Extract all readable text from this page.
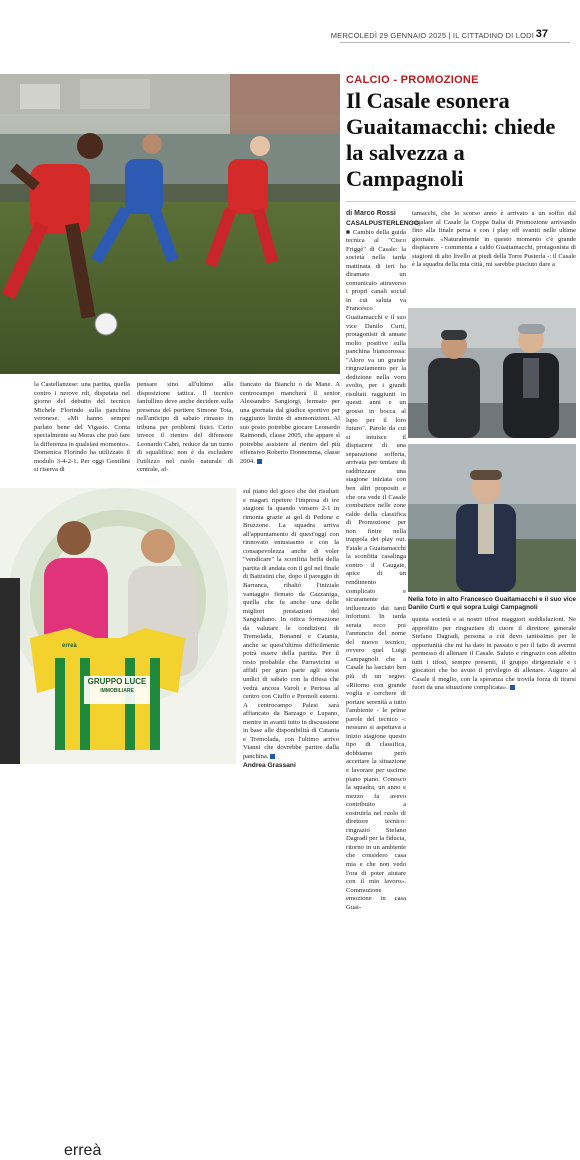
MERCOLEDÌ 29 GENNAIO 2025 | IL CITTADINO DI LODI 37
CALCIO - PROMOZIONE
Il Casale esonera Guaitamacchi: chiede la salvezza a Campagnoli
di Marco Rossi
CASALPUSTERLENGO
■ Cambio della guida tecnica al "Cisco Friggè" di Casale: la società nella tarda mattinata di ieri ha diramato un comunicato attraverso i propri canali social in cui saluta va Francesco Guaitamacchi e il suo vice Danilo Curti, protagonisti di annate molto positive sulla panchina biancorossa: "Aloro va un grande ringraziamento per la dedizione nella voro svolto, per i grandi risultati raggiunti in questi anni e un grosso in bocca al lupo per il loro futuro". Parole da cui si intuisce il dispiacere di una separazione sofferta, arrivata per tentare di raddrizzare una stagione iniziata con ben altri propositi e che ora vede il Casale combattere nelle zone calde della classifica di Promozione per non finire nella trappola dei play out. Fatale a Guaitamacchi la sconfitta casalinga contro il Caugate, apice di un rendimento complicato e sicuramente influenzato dai tanti infortuni. In tarda serata ecco poi l'annuncio del nome del nuovo tecnico, ovvero quel Luigi Campagnoli che a Casale ha lasciato ben più di un segno: «Ritorno con grande voglia e cerchere di portare serenità a tutto l'ambiente - le prime parole del tecnico -: nessuno si aspettava a inizio stagione questo tipo di classifica, dobbiamo però accettare la situazione e lavorare per uscirne piano piano. Conosco la squadra, un anno e mezzo fa avevo contribuito a costruirla nel ruolo di direttore tecnico: ringrazio Stefano Dagradi per la fiducia, ritorno in un ambiente che considero casa mia e che non vedo l'ora di poter aiutare con il mio lavoro». Commozione emozione in casa Guai-
tamacchi, che lo scorso anno è arrivato a un soffio dal regalare al Casale la Coppa Italia di Promozione arrivando fino alla finale persa e con i play off svaniti nelle ultime giornate. «Naturalmente in questo momento c'è grande dispiacere - commenta a caldo Guaitamacchi, protagonista di stagioni di alto livello ai piedi della Torre Pusterla -: il Casale è la squadra della mia città, mi sarebbe piaciuto dare a
Nella foto in alto Francesco Guaitamacchi e il suo vice Danilo Curti e qui sopra Luigi Campagnoli
questa società e ai nostri tifosi maggiori soddisfazioni. Ne approfitto per ringraziare di cuore il direttore generale Stefano Dagradi, persona a cui devo tantissimo per le opportunità che mi ha dato in passato e per il fatto di avermi permesso di allenare il Casale. Saluto e ringrazio con affetto tutti i tifosi, sempre presenti, il gruppo dirigenziale e i giocatori che ho avuto il privilegio di allenare. Auguro al Casale il meglio, con la speranza che trovila forza di tirarsi fuori da una situazione complicata».
la Castellanzese: una partita, quella contro i nerove rdi, disputata nel giorno del debutto del tecnico Michele Florindo sulla panchina veronese. «Mi hanno sempre parlato bene del Vigasio. Conta specialmente su Moras che può fare la differenza in qualsiasi momento». Domenica Florindo ha utilizzato il modulo 3-4-2-1. Per oggi Gentilini si riserva di
pensare sino all'ultimo alla disposizione tattica. Il tecnico fanfullino deve anche decidere sulla presenza del portiere Simone Tota, nell'anticipo di sabato rimasto in tribuna per problemi fisici. Certo invece il rientro del difensore Leonardo Cabri, reduce da un turno di squalifica: non è da escludere l'utilizzo nel ruolo naturale di centrale, af-
fiancato da Bianchi o da Mane. A centrocampo mancherà il senior Alessandro Sangiorgi, fermato per una giornata dal giudice sportivo per raggiunto limite di ammonizioni. Al suo posto potrebbe giocare Leonardo Raimondi, classe 2005, che appare sì potrebbe assistere al rientro del più offensivo Roberto Donnemma, classe 2004.
erreà
GRUPPO LUCE
IMMOBILIARE
erreà
sul piano del gioco che dei risultati e magari ripetere l'impresa di tre stagioni fa quando vinsero 2-1 in rimonta grazie ai gol di Pedone e Bruzzone. La squadra arriva all'appuntamento di quest'oggi con rinnovato entusiasmo e con la consapevolezza anche di voler "vendicare" la sconfitta beffa della partita di andata con il gol nel finale di Battistini che, dopo il pareggio di Barranca, ribaltò l'iniziale vantaggio firmato da Cazzaniga, quella che fu anche una delle migliori prestazioni del Sangiuliano. In ottica formazione da valutare le condizioni di Tremolada, Bonanni e Catania, anche se quest'ultimo difficilmente potrà essere della partita. Per il resto probabile che Parravicini si affidi per gran parte agli stessi undici di sabato con la difesa che vedrà ancora Varoli e Pertosa al centro con Ciuffo e Premoli esterni. A centrocampo Palesi sarà affiancato da Barzago e Lupano, mentre in avanti tutto in discussione in base alle disponibilità di Catania e Tremolada, con l'ultimo arrivo Vianni che dovrebbe partire dalla panchina.
Andrea Grassani
